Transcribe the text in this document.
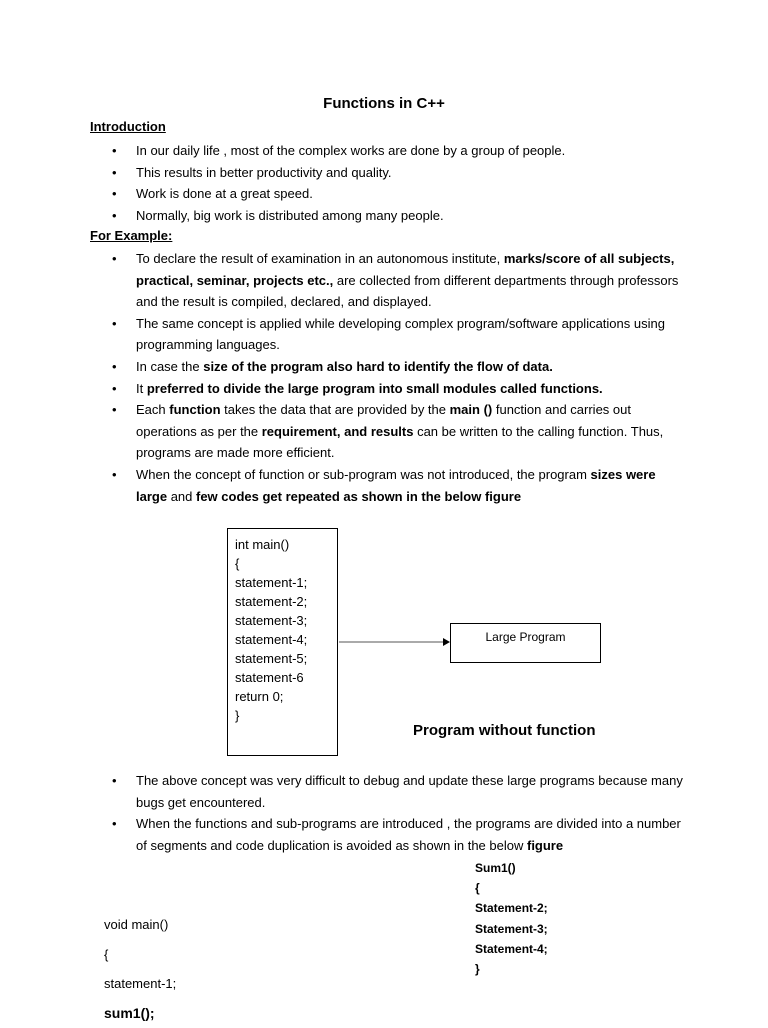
Functions in C++
Introduction
• In our daily life , most of the complex works are done by a group of people.
• This results in better productivity and quality.
• Work is done at a great speed.
• Normally, big work is distributed among many people.
For Example:
• To declare the result of examination in an autonomous institute, marks/score of all subjects, practical, seminar, projects etc., are collected from different departments through professors and the result is compiled, declared, and displayed.
• The same concept is applied while developing complex program/software applications using programming languages.
• In case the size of the program also hard to identify the flow of data.
• It preferred to divide the large program into small modules called functions.
• Each function takes the data that are provided by the main () function and carries out operations as per the requirement, and results can be written to the calling function. Thus, programs are made more efficient.
• When the concept of function or sub-program was not introduced, the program sizes were large and few codes get repeated as shown in the below figure
int main()
{
statement-1;
statement-2;
statement-3;
statement-4;
statement-5;
statement-6
return 0;
}
Large Program
Program without function
• The above concept was very difficult to debug and update these large programs because many bugs get encountered.
• When the functions and sub-programs are introduced , the programs are divided into a number of segments and code duplication is avoided as shown in the below figure
Sum1()
{
Statement-2;
Statement-3;
Statement-4;
}
void main()
{
statement-1;
sum1();
